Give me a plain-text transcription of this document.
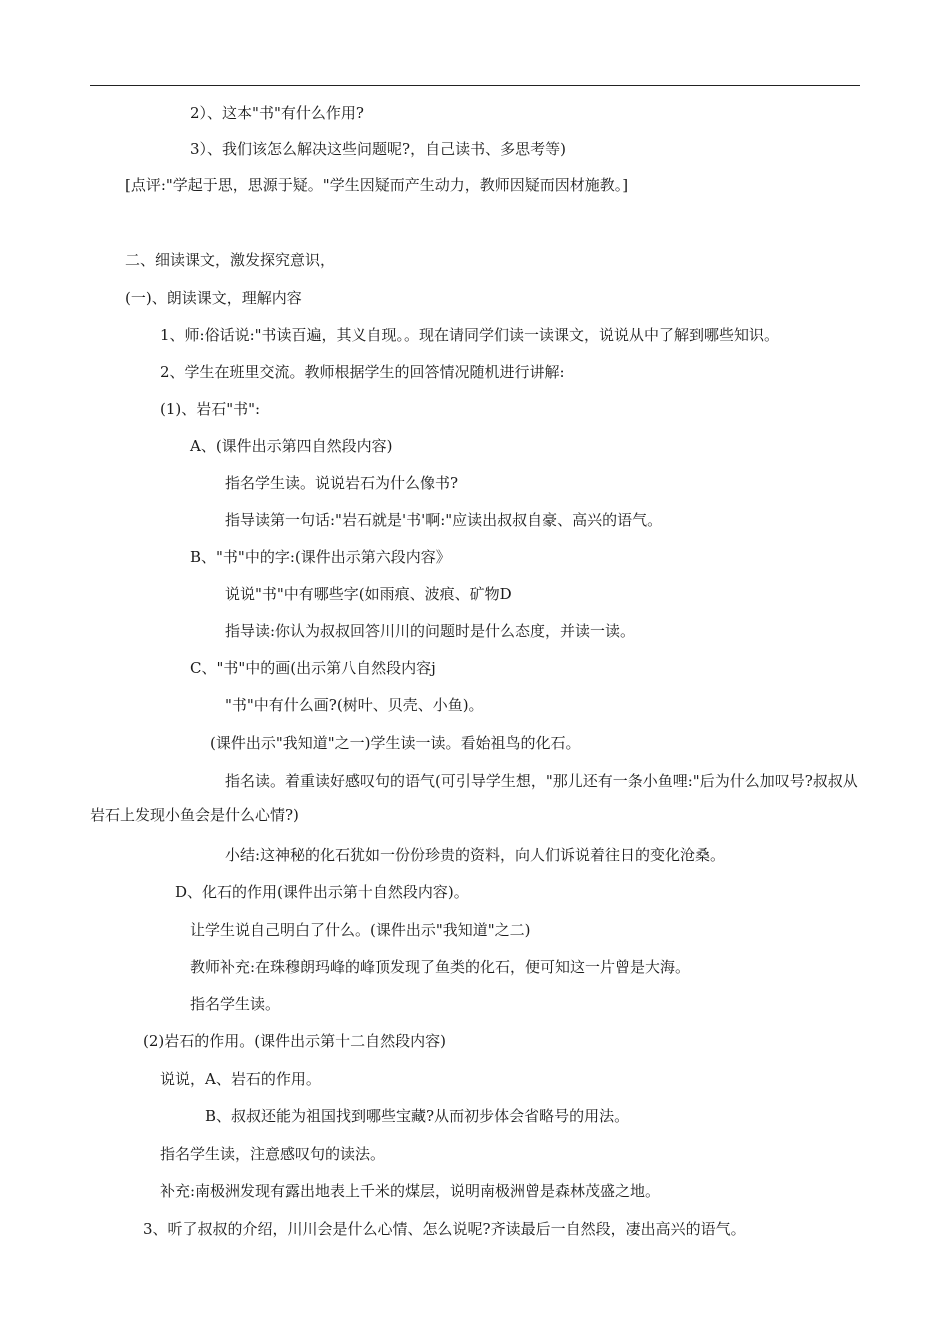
2）、这本"书"有什么作用?
3）、我们该怎么解决这些问题呢?，自己读书、多思考等)
[点评:"学起于思，思源于疑。"学生因疑而产生动力，教师因疑而因材施教。]
二、细读课文，激发探究意识，
(一)、朗读课文，理解内容
1、师:俗话说:"书读百遍，其义自现。。现在请同学们读一读课文，说说从中了解到哪些知识。
2、学生在班里交流。教师根据学生的回答情况随机进行讲解:
(1)、岩石"书":
A、(课件出示第四自然段内容)
指名学生读。说说岩石为什么像书?
指导读第一句话:"岩石就是'书'啊:"应读出叔叔自豪、高兴的语气。
B、"书"中的字:(课件出示第六段内容》
说说"书"中有哪些字(如雨痕、波痕、矿物D
指导读:你认为叔叔回答川川的问题时是什么态度，并读一读。
C、"书"中的画(出示第八自然段内容j
"书"中有什么画?(树叶、贝壳、小鱼)。
(课件出示"我知道"之一)学生读一读。看始祖鸟的化石。
指名读。着重读好感叹句的语气(可引导学生想，"那儿还有一条小鱼哩:"后为什么加叹号?叔叔从岩石上发现小鱼会是什么心情?)
小结:这神秘的化石犹如一份份珍贵的资料，向人们诉说着往日的变化沧桑。
D、化石的作用(课件出示第十自然段内容)。
让学生说自己明白了什么。(课件出示"我知道"之二)
教师补充:在珠穆朗玛峰的峰顶发现了鱼类的化石，便可知这一片曾是大海。
指名学生读。
(2)岩石的作用。(课件出示第十二自然段内容)
说说，A、岩石的作用。
B、叔叔还能为祖国找到哪些宝藏?从而初步体会省略号的用法。
指名学生读，注意感叹句的读法。
补充:南极洲发现有露出地表上千米的煤层，说明南极洲曾是森林茂盛之地。
3、听了叔叔的介绍，川川会是什么心情、怎么说呢?齐读最后一自然段，凄出高兴的语气。
